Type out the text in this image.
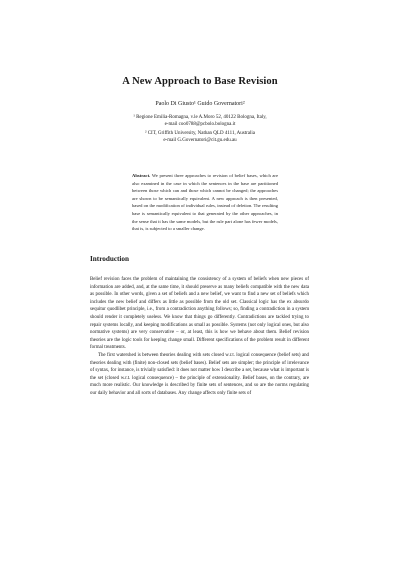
A New Approach to Base Revision
Paolo Di Giusto¹ Guido Governatori²
¹ Regione Emilia-Romagna, v.le A.Moro 52, 40122 Bologna, Italy,
e-mail coo0788@pcbolo.bologna.it
² CIT, Griffith University, Nathan QLD 4111, Australia
e-mail G.Governatori@cit.gu.edu.au
Abstract. We present three approaches to revision of belief bases, which are also examined in the case in which the sentences in the base are partitioned between those which can and those which cannot be changed; the approaches are shown to be semantically equivalent. A new approach is then presented, based on the modification of individual rules, instead of deletion. The resulting base is semantically equivalent to that generated by the other approaches, in the sense that it has the same models, but the rule part alone has fewer models, that is, is subjected to a smaller change.
Introduction

Belief revision faces the problem of maintaining the consistency of a system of beliefs when new pieces of information are added, and, at the same time, it should preserve as many beliefs compatible with the new data as possible. In other words, given a set of beliefs and a new belief, we want to find a new set of beliefs which includes the new belief and differs as little as possible from the old set. Classical logic has the ex absurdo sequitur quodlibet principle, i.e., from a contradiction anything follows; so, finding a contradiction in a system should render it completely useless. We know that things go differently. Contradictions are tackled trying to repair systems locally, and keeping modifications as small as possible. Systems (not only logical ones, but also normative systems) are very conservative – or, at least, this is how we behave about them. Belief revision theories are the logic tools for keeping change small. Different specifications of the problem result in different formal treatments.

The first watershed is between theories dealing with sets closed w.r.t. logical consequence (belief sets) and theories dealing with (finite) non-closed sets (belief bases). Belief sets are simpler; the principle of irrelevance of syntax, for instance, is trivially satisfied: it does not matter how I describe a set, because what is important is the set (closed w.r.t. logical consequence) – the principle of extensionality. Belief bases, on the contrary, are much more realistic. Our knowledge is described by finite sets of sentences, and so are the norms regulating our daily behavior and all sorts of databases. Any change affects only finite sets of
